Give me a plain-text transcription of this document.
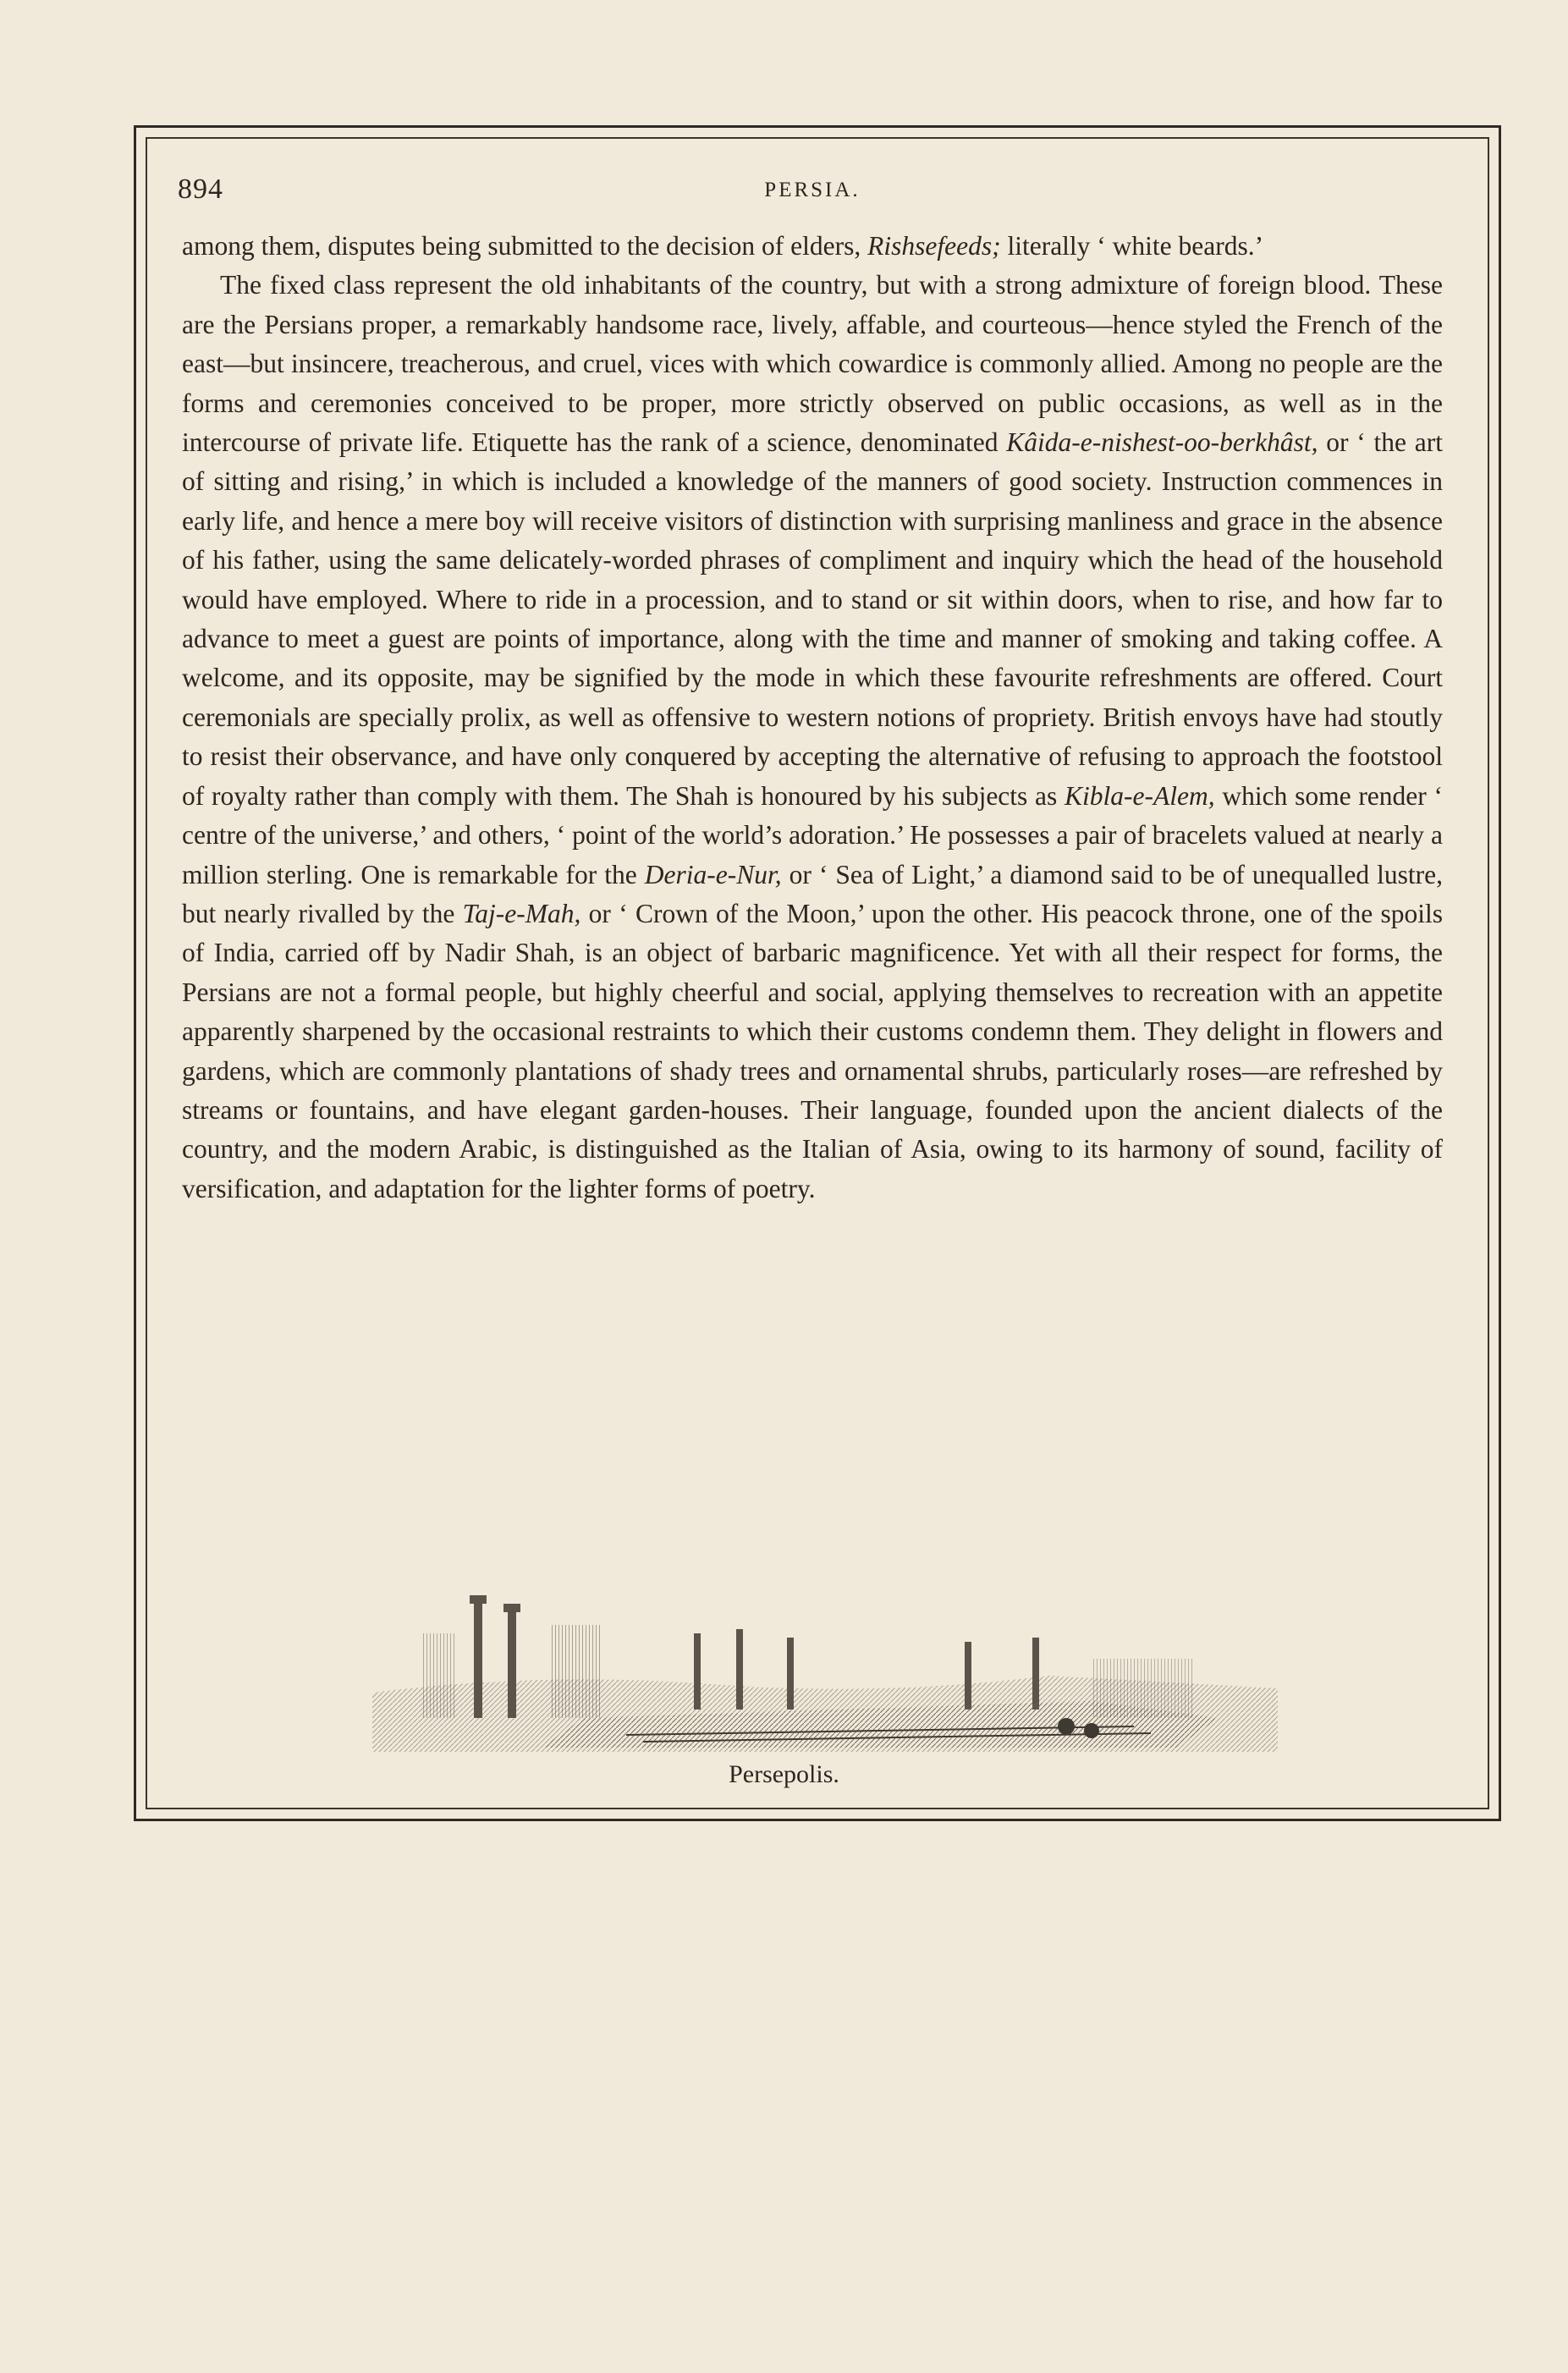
894	PERSIA.

among them, disputes being submitted to the decision of elders, Rishsefeeds; literally ‘ white beards.’

The fixed class represent the old inhabitants of the country, but with a strong admixture of foreign blood. These are the Persians proper, a remarkably handsome race, lively, affable, and courteous—hence styled the French of the east—but insincere, treacherous, and cruel, vices with which cowardice is commonly allied. Among no people are the forms and ceremonies conceived to be proper, more strictly observed on public occasions, as well as in the intercourse of private life. Etiquette has the rank of a science, denominated Kâida-e-nishest-oo-berkhâst, or ‘ the art of sitting and rising,’ in which is included a knowledge of the manners of good society. Instruction commences in early life, and hence a mere boy will receive visitors of distinction with surprising manliness and grace in the absence of his father, using the same delicately-worded phrases of compliment and inquiry which the head of the household would have employed. Where to ride in a procession, and to stand or sit within doors, when to rise, and how far to advance to meet a guest are points of importance, along with the time and manner of smoking and taking coffee. A welcome, and its opposite, may be signified by the mode in which these favourite refreshments are offered. Court ceremonials are specially prolix, as well as offensive to western notions of propriety. British envoys have had stoutly to resist their observance, and have only conquered by accepting the alternative of refusing to approach the footstool of royalty rather than comply with them. The Shah is honoured by his subjects as Kibla-e-Alem, which some render ‘ centre of the universe,’ and others, ‘ point of the world’s adoration.’ He possesses a pair of bracelets valued at nearly a million sterling. One is remarkable for the Deria-e-Nur, or ‘ Sea of Light,’ a diamond said to be of unequalled lustre, but nearly rivalled by the Taj-e-Mah, or ‘ Crown of the Moon,’ upon the other. His peacock throne, one of the spoils of India, carried off by Nadir Shah, is an object of barbaric magnificence. Yet with all their respect for forms, the Persians are not a formal people, but highly cheerful and social, applying themselves to recreation with an appetite apparently sharpened by the occasional restraints to which their customs condemn them. They delight in flowers and gardens, which are commonly plantations of shady trees and ornamental shrubs, particularly roses—are refreshed by streams or fountains, and have elegant garden-houses. Their language, founded upon the ancient dialects of the country, and the modern Arabic, is distinguished as the Italian of Asia, owing to its harmony of sound, facility of versification, and adaptation for the lighter forms of poetry.

Persepolis.
